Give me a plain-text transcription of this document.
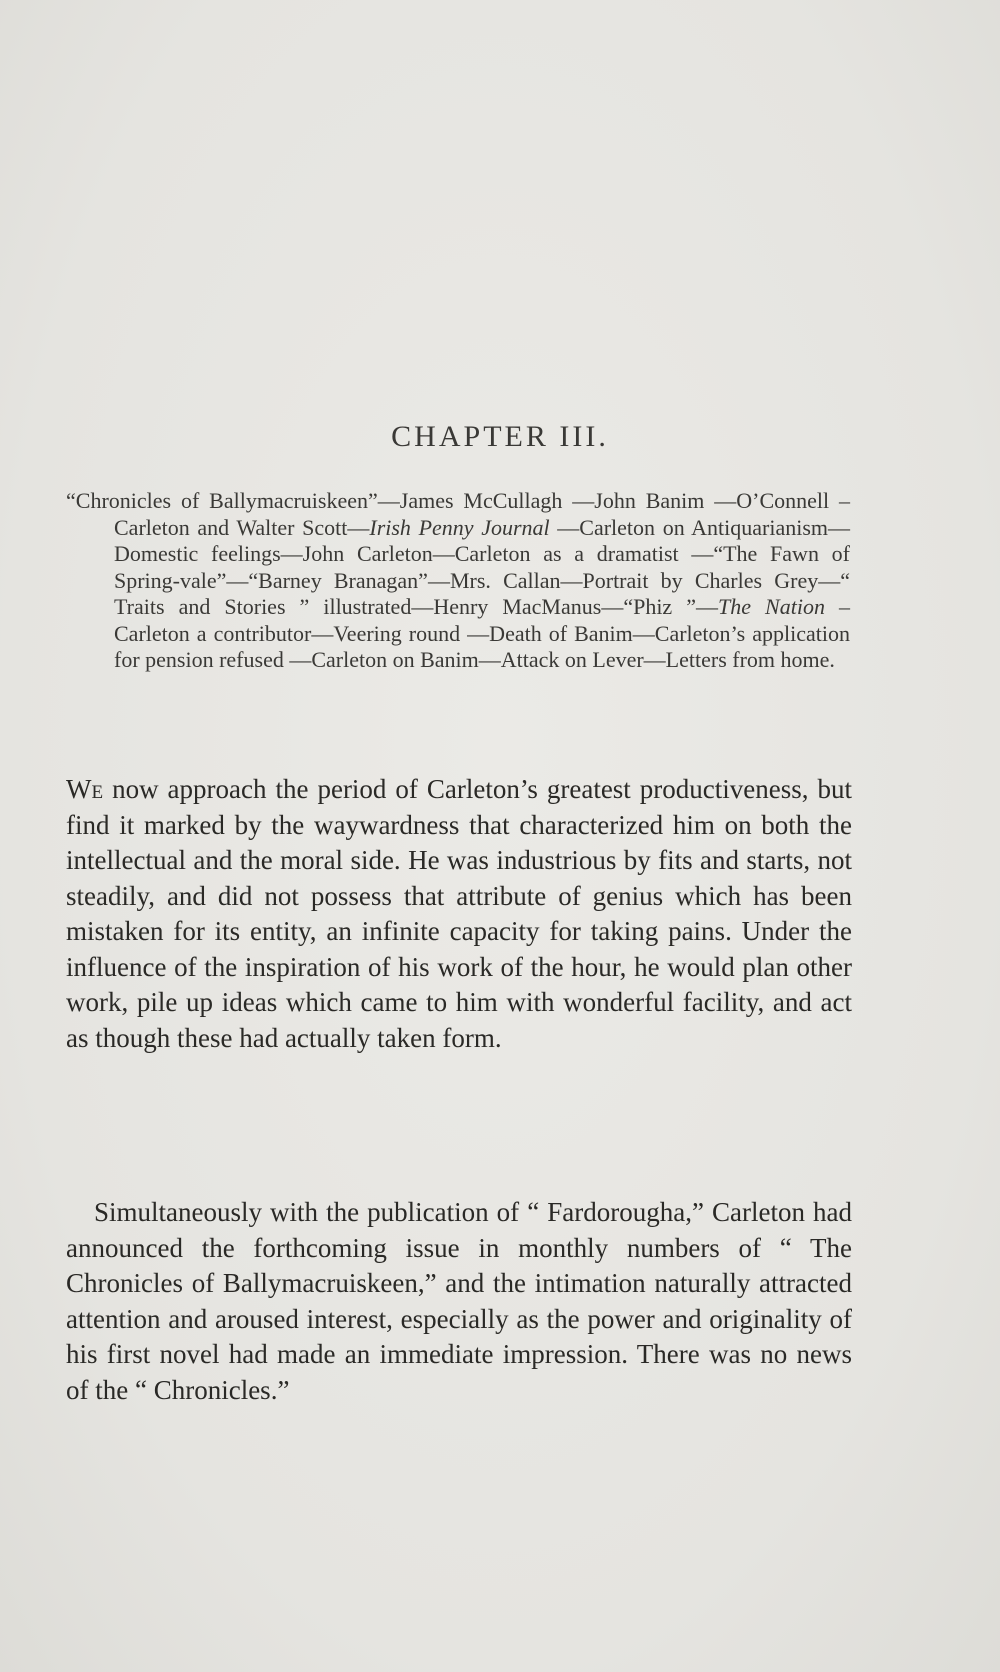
CHAPTER III.
“Chronicles of Ballymacruiskeen”—James McCullagh —John Banim —O’Connell – Carleton and Walter Scott—Irish Penny Journal —Carleton on Antiquarianism—Domestic feelings—John Carleton—Carleton as a dramatist —“The Fawn of Spring-vale”—“Barney Branagan”—Mrs. Callan—Portrait by Charles Grey—“ Traits and Stories ” illustrated—Henry MacManus—“Phiz ”—The Nation – Carleton a contributor—Veering round —Death of Banim—Carleton’s application for pension refused —Carleton on Banim—Attack on Lever—Letters from home.
We now approach the period of Carleton’s greatest productiveness, but find it marked by the waywardness that characterized him on both the intellectual and the moral side. He was industrious by fits and starts, not steadily, and did not possess that attribute of genius which has been mistaken for its entity, an infinite capacity for taking pains. Under the influence of the inspiration of his work of the hour, he would plan other work, pile up ideas which came to him with wonderful facility, and act as though these had actually taken form.
Simultaneously with the publication of “ Fardorougha,” Carleton had announced the forthcoming issue in monthly numbers of “ The Chronicles of Ballymacruiskeen,” and the intimation naturally attracted attention and aroused interest, especially as the power and originality of his first novel had made an immediate impression. There was no news of the “ Chronicles.”
